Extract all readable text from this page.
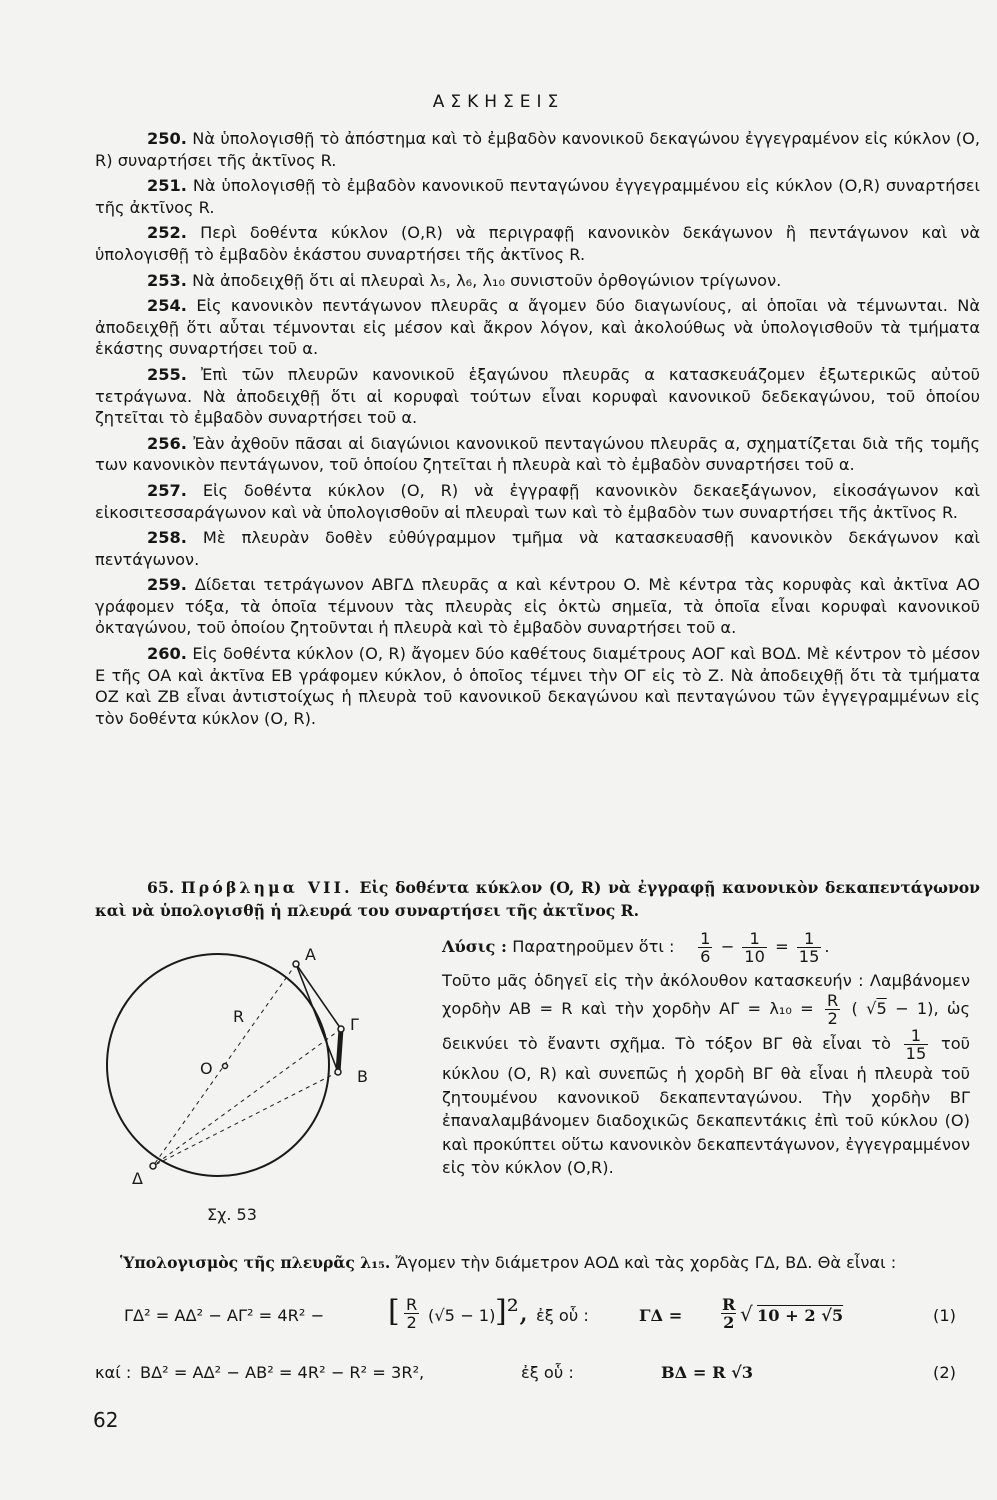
ΑΣΚΗΣΕΙΣ

250. Νὰ ὑπολογισθῇ τὸ ἀπόστημα καὶ τὸ ἐμβαδὸν κανονικοῦ δεκαγώνου ἐγγεγραμένον εἰς κύκλον (O, R) συναρτήσει τῆς ἀκτῖνος R.

251. Νὰ ὑπολογισθῇ τὸ ἐμβαδὸν κανονικοῦ πενταγώνου ἐγγεγραμμένου εἰς κύκλον (O,R) συναρτήσει τῆς ἀκτῖνος R.

252. Περὶ δοθέντα κύκλον (O,R) νὰ περιγραφῇ κανονικὸν δεκάγωνον ἢ πεντάγωνον καὶ νὰ ὑπολογισθῇ τὸ ἐμβαδὸν ἑκάστου συναρτήσει τῆς ἀκτῖνος R.

253. Νὰ ἀποδειχθῇ ὅτι αἱ πλευραὶ λ₅, λ₆, λ₁₀ συνιστοῦν ὀρθογώνιον τρίγωνον.

254. Εἰς κανονικὸν πεντάγωνον πλευρᾶς α ἄγομεν δύο διαγωνίους, αἱ ὁποῖαι νὰ τέμνωνται. Νὰ ἀποδειχθῇ ὅτι αὗται τέμνονται εἰς μέσον καὶ ἄκρον λόγον, καὶ ἀκολούθως νὰ ὑπολογισθοῦν τὰ τμήματα ἑκάστης συναρτήσει τοῦ α.

255. Ἐπὶ τῶν πλευρῶν κανονικοῦ ἑξαγώνου πλευρᾶς α κατασκευάζομεν ἐξωτερικῶς αὐτοῦ τετράγωνα. Νὰ ἀποδειχθῇ ὅτι αἱ κορυφαὶ τούτων εἶναι κορυφαὶ κανονικοῦ δεδεκαγώνου, τοῦ ὁποίου ζητεῖται τὸ ἐμβαδὸν συναρτήσει τοῦ α.

256. Ἐὰν ἀχθοῦν πᾶσαι αἱ διαγώνιοι κανονικοῦ πενταγώνου πλευρᾶς α, σχηματίζεται διὰ τῆς τομῆς των κανονικὸν πεντάγωνον, τοῦ ὁποίου ζητεῖται ἡ πλευρὰ καὶ τὸ ἐμβαδὸν συναρτήσει τοῦ α.

257. Εἰς δοθέντα κύκλον (O, R) νὰ ἐγγραφῇ κανονικὸν δεκαεξάγωνον, εἰκοσάγωνον καὶ εἰκοσιτεσσαράγωνον καὶ νὰ ὑπολογισθοῦν αἱ πλευραὶ των καὶ τὸ ἐμβαδὸν των συναρτήσει τῆς ἀκτῖνος R.

258. Μὲ πλευρὰν δοθὲν εὐθύγραμμον τμῆμα νὰ κατασκευασθῇ κανονικὸν δεκάγωνον καὶ πεντάγωνον.

259. Δίδεται τετράγωνον ΑΒΓΔ πλευρᾶς α καὶ κέντρου O. Μὲ κέντρα τὰς κορυφὰς καὶ ἀκτῖνα ΑΟ γράφομεν τόξα, τὰ ὁποῖα τέμνουν τὰς πλευρὰς εἰς ὀκτὼ σημεῖα, τὰ ὁποῖα εἶναι κορυφαὶ κανονικοῦ ὀκταγώνου, τοῦ ὁποίου ζητοῦνται ἡ πλευρὰ καὶ τὸ ἐμβαδὸν συναρτήσει τοῦ α.

260. Εἰς δοθέντα κύκλον (O, R) ἄγομεν δύο καθέτους διαμέτρους ΑΟΓ καὶ ΒΟΔ. Μὲ κέντρον τὸ μέσον Ε τῆς ΟΑ καὶ ἀκτῖνα ΕΒ γράφομεν κύκλον, ὁ ὁποῖος τέμνει τὴν ΟΓ εἰς τὸ Ζ. Νὰ ἀποδειχθῇ ὅτι τὰ τμήματα ΟΖ καὶ ΖΒ εἶναι ἀντιστοίχως ἡ πλευρὰ τοῦ κανονικοῦ δεκαγώνου καὶ πενταγώνου τῶν ἐγγεγραμμένων εἰς τὸν δοθέντα κύκλον (O, R).

65. Πρόβλημα VII. Εἰς δοθέντα κύκλον (O, R) νὰ ἐγγραφῇ κανονικὸν δεκαπεντάγωνον καὶ νὰ ὑπολογισθῇ ἡ πλευρά του συναρτήσει τῆς ἀκτῖνος R.
A
Γ
B
Δ
O
R
Σχ. 53

Λύσις : Παρατηροῦμεν ὅτι : $\frac{1}{6} - \frac{1}{10} = \frac{1}{15}$ .

Τοῦτο μᾶς ὁδηγεῖ εἰς τὴν ἀκόλουθον κατασκευήν : Λαμβάνομεν χορδὴν ΑΒ = R καὶ τὴν χορδὴν $A\Gamma = \lambda_{10} = \frac{R}{2}$ ( √5 − 1), ὡς δεικνύει τὸ ἔναντι σχῆμα. Τὸ τόξον ΒΓ θὰ εἶναι τὸ $\frac{1}{15}$ τοῦ κύκλου (O, R) καὶ συνεπῶς ἡ χορδὴ ΒΓ θὰ εἶναι ἡ πλευρὰ τοῦ ζητουμένου κανονικοῦ δεκαπενταγώνου. Τὴν χορδὴν ΒΓ ἐπαναλαμβάνομεν διαδοχικῶς δεκαπεντάκις ἐπὶ τοῦ κύκλου (O) καὶ προκύπτει οὕτω κανονικὸν δεκαπεντάγωνον, ἐγγεγραμμένον εἰς τὸν κύκλον (O,R).

Ὑπολογισμὸς τῆς πλευρᾶς λ₁₅. Ἄγομεν τὴν διάμετρον ΑΟΔ καὶ τὰς χορδὰς ΓΔ, ΒΔ. Θὰ εἶναι :
ΓΔ² = ΑΔ² − ΑΓ² = 4R² − [ $\frac{R}{2} (√5 - 1)$ ]², ἐξ οὗ :	$\Gamma\Delta = \frac{R}{2}$ √ 10 + 2 √5	(1)
καί : ΒΔ² = ΑΔ² − ΑΒ² = 4R² − R² = 3R²,	ἐξ οὗ :	ΒΔ = R √3	(2)
62
